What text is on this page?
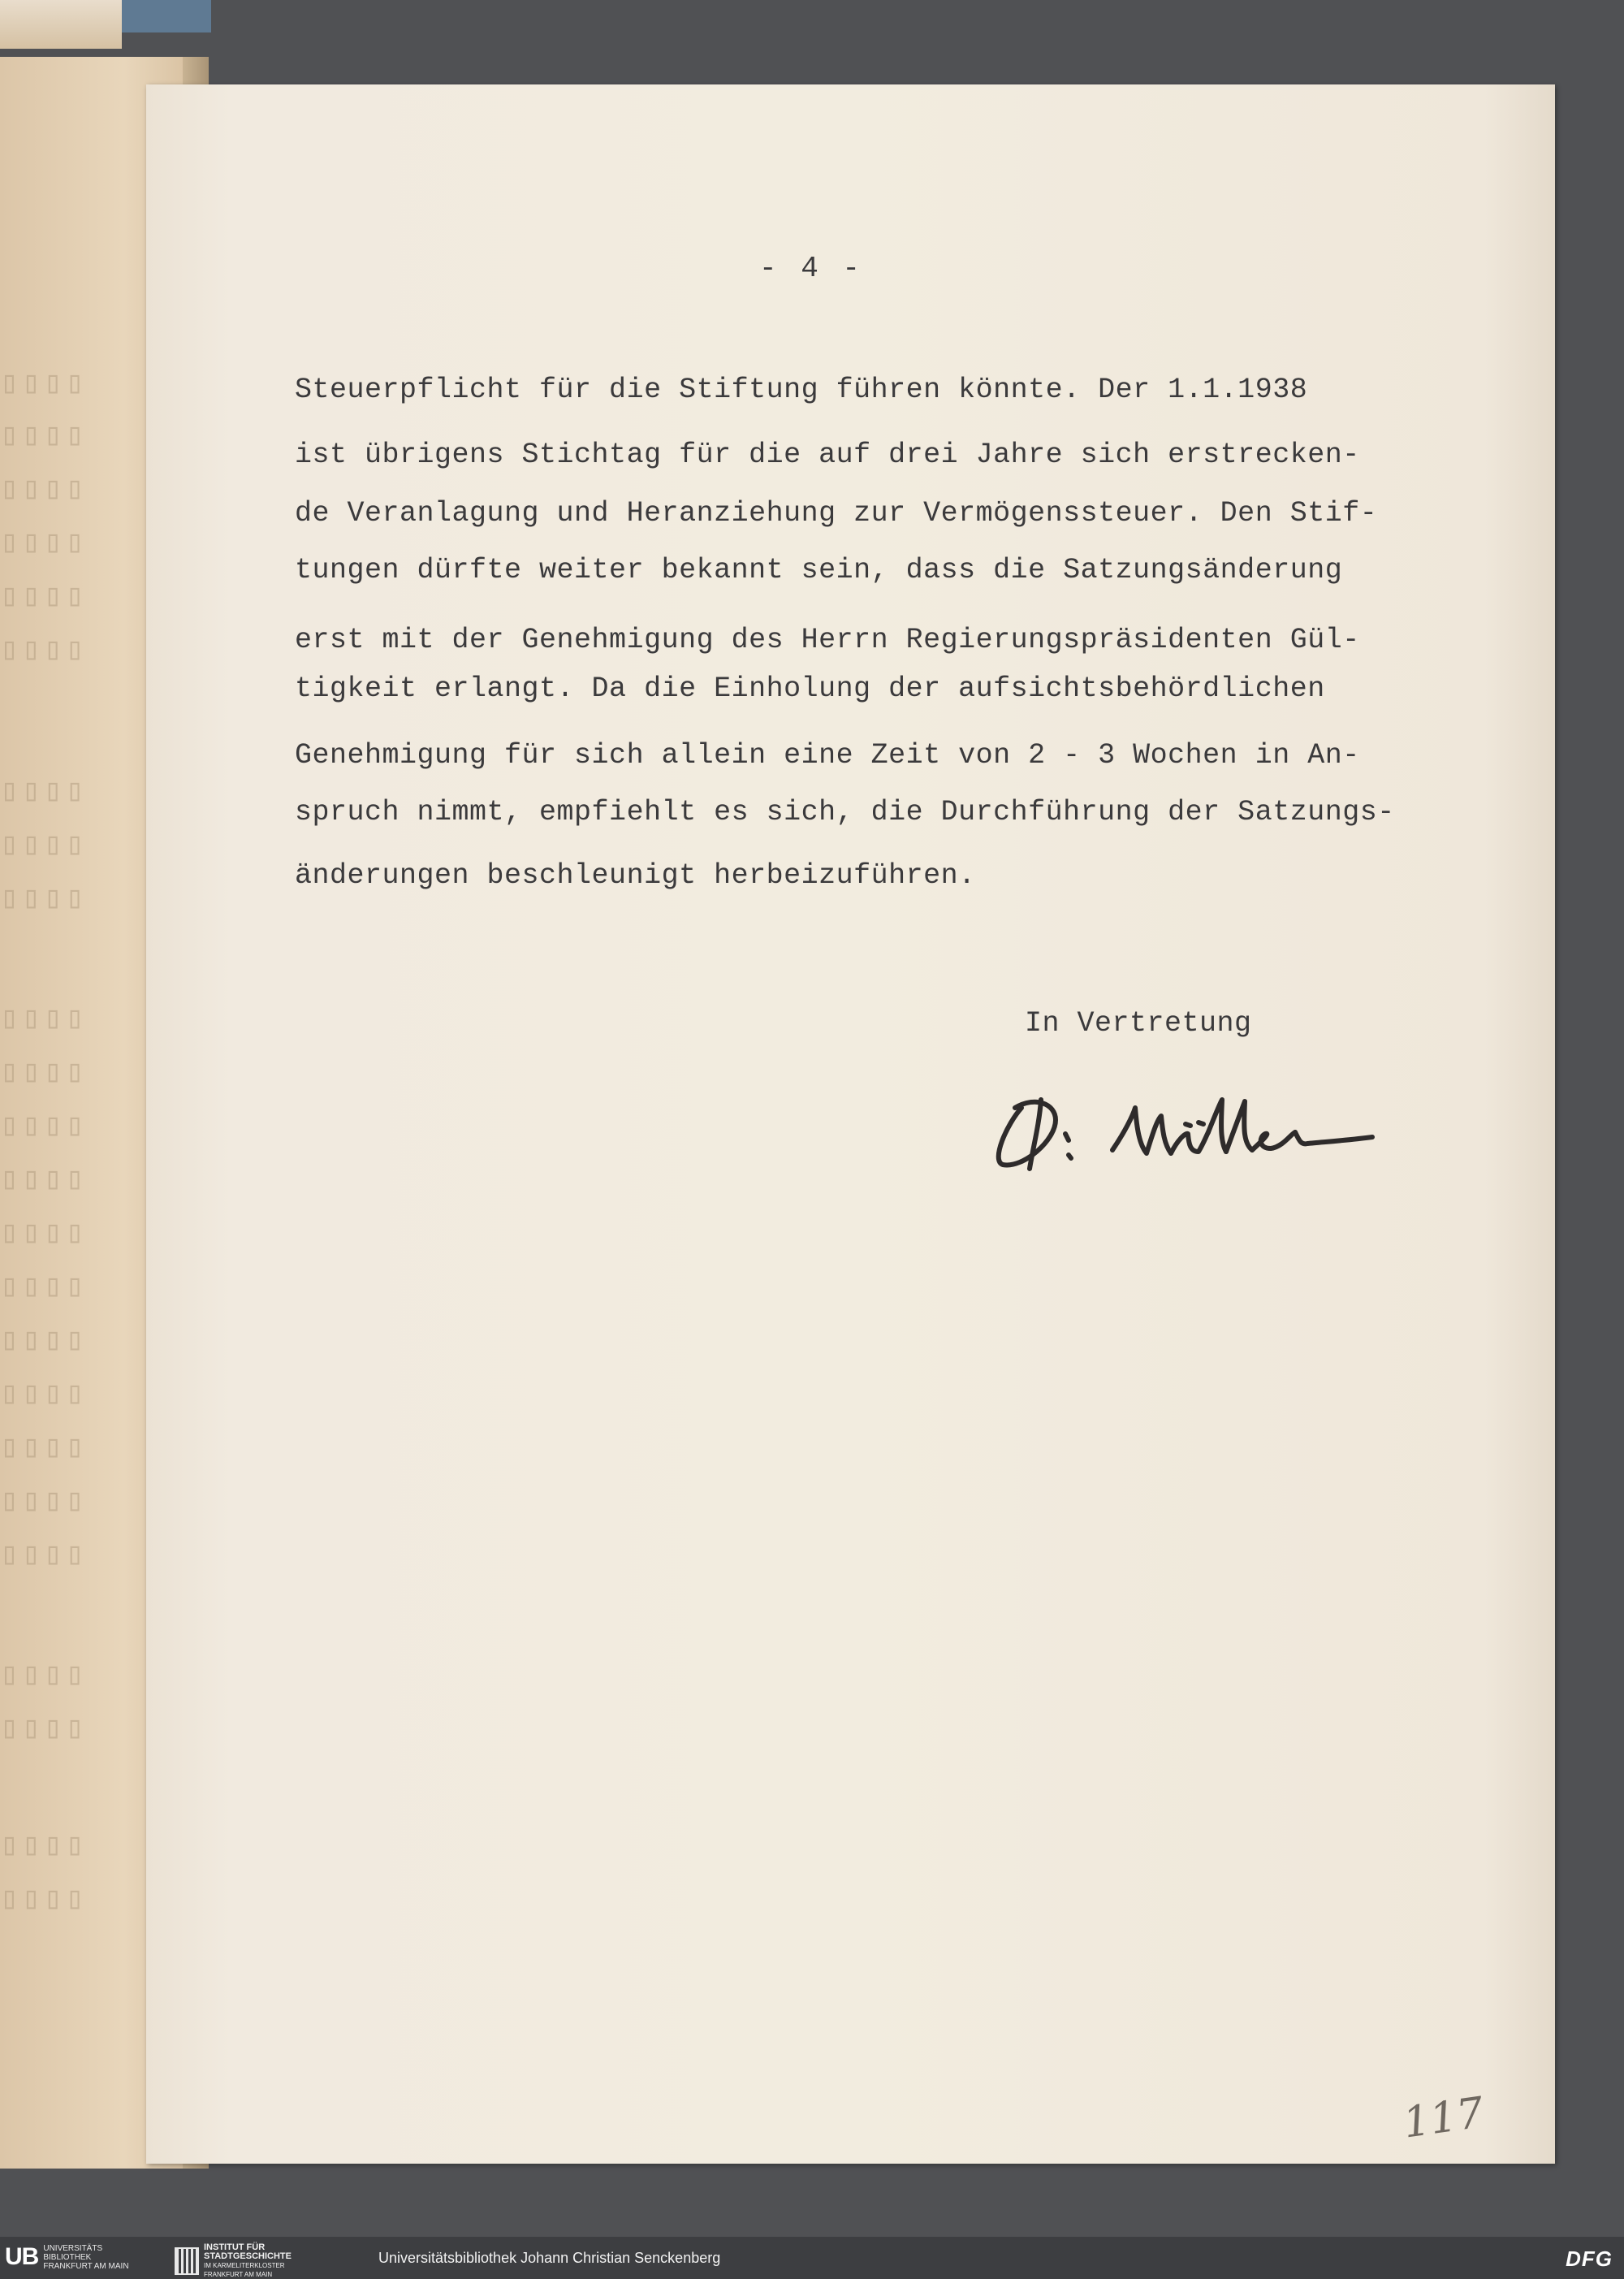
▯▯▯▯
▯▯▯▯
▯▯▯▯
▯▯▯▯
▯▯▯▯
▯▯▯▯
▯▯▯▯
▯▯▯▯
▯▯▯▯
▯▯▯▯
▯▯▯▯
▯▯▯▯
▯▯▯▯
▯▯▯▯
▯▯▯▯
▯▯▯▯
▯▯▯▯
▯▯▯▯
▯▯▯▯
▯▯▯▯
▯▯▯▯
▯▯▯▯
▯▯▯▯
▯▯▯▯
- 4 -
Steuerpflicht für die Stiftung führen könnte. Der 1.1.1938
ist übrigens Stichtag für die auf drei Jahre sich erstrecken-
de Veranlagung und Heranziehung zur Vermögenssteuer. Den Stif-
tungen dürfte weiter bekannt sein, dass die Satzungsänderung
erst mit der Genehmigung des Herrn Regierungspräsidenten Gül-
tigkeit erlangt. Da die Einholung der aufsichtsbehördlichen
Genehmigung für sich allein eine Zeit von 2 - 3 Wochen in An-
spruch nimmt, empfiehlt es sich, die Durchführung der Satzungs-
änderungen beschleunigt herbeizuführen.
In Vertretung
117
UB UNIVERSITÄTS
BIBLIOTHEK
FRANKFURT AM MAIN
INSTITUT FÜR
STADTGESCHICHTE
IM KARMELITERKLOSTER
FRANKFURT AM MAIN
Universitätsbibliothek Johann Christian Senckenberg	DFG
